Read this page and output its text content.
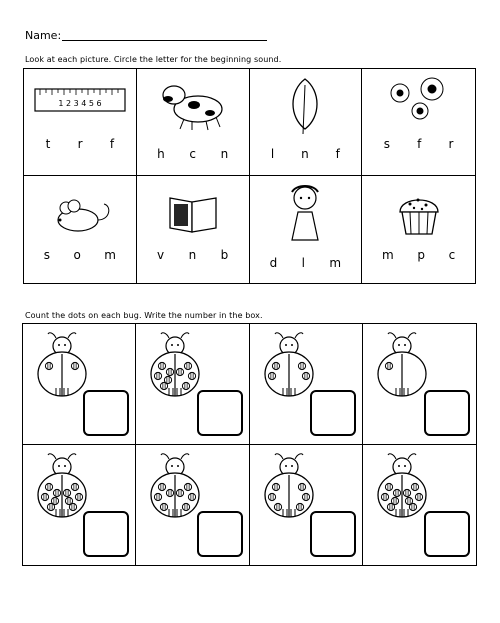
Name:
Look at each picture. Circle the letter for the beginning sound.
1 2 3 4 5 6
t r f
h c n	l n f
s f r
s o m	v n b
d l m
m p c
Count the dots on each bug. Write the number in the box.
